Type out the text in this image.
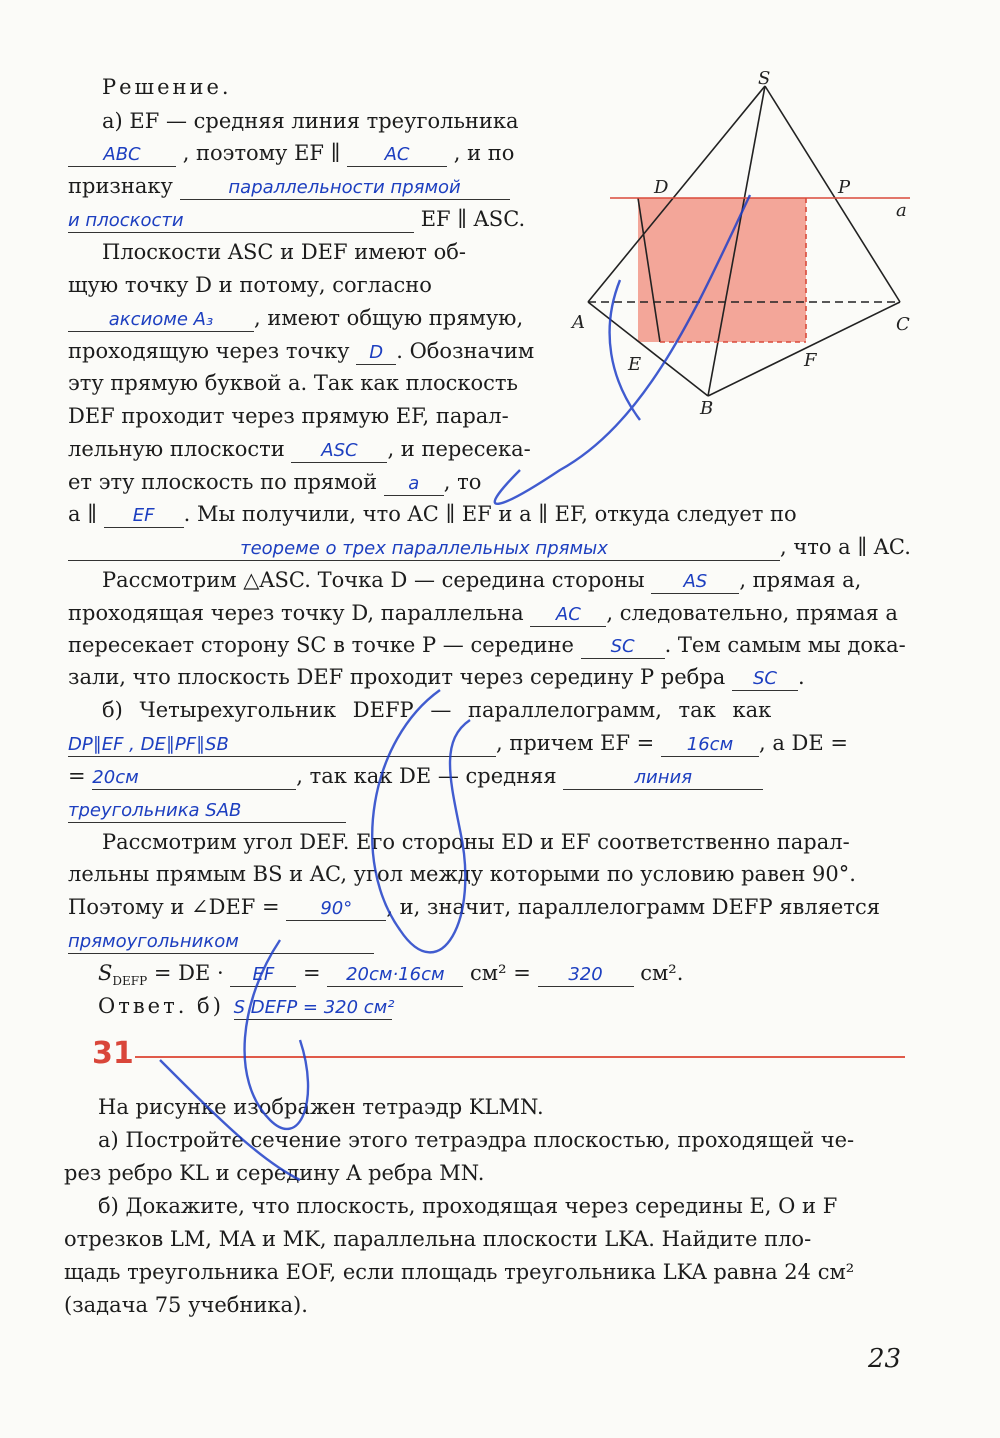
Решение.
а) EF — средняя линия треугольника
ABC , поэтому EF ∥ AC , и по
признаку	параллельности прямой
и плоскости	EF ∥ ASC.
Плоскости ASC и DEF имеют об-
щую точку D и потому, согласно
аксиоме А₃ , имеют общую прямую,
проходящую через точку D . Обозначим
эту прямую буквой a. Так как плоскость
DEF проходит через прямую EF, парал-
лельную плоскости ASC , и пересека-
ет эту плоскость по прямой a , то
a ∥ EF . Мы получили, что AC ∥ EF и a ∥ EF, откуда следует по
теореме о трех параллельных прямых	, что a ∥ AC.
Рассмотрим △ASC. Точка D — середина стороны AS , прямая a,
проходящая через точку D, параллельна AC , следовательно, прямая a
пересекает сторону SC в точке P — середине SC . Тем самым мы дока-
зали, что плоскость DEF проходит через середину P ребра SC .
б) Четырехугольник DEFP — параллелограмм, так как
DP∥EF , DE∥PF∥SB	, причем EF = 16см , а DE =
= 20см	, так как DE — средняя	линия
треугольника SAB
Рассмотрим угол DEF. Его стороны ED и EF соответственно парал-
лельны прямым BS и AC, угол между которыми по условию равен 90°.
Поэтому и ∠DEF = 90° , и, значит, параллелограмм DEFP является
прямоугольником
$S_{DEFP}$ = DE · EF = 20см·16см см² = 320 см².
Ответ. б) S DEFP = 320 см²
31
На рисунке изображен тетраэдр KLMN.
а) Постройте сечение этого тетраэдра плоскостью, проходящей че-
рез ребро KL и середину A ребра MN.
б) Докажите, что плоскость, проходящая через середины E, O и F
отрезков LM, MA и MK, параллельна плоскости LKA. Найдите пло-
щадь треугольника EOF, если площадь треугольника LKA равна 24 см²
(задача 75 учебника).
23
S
D	P
a
A	C
E	F
B
